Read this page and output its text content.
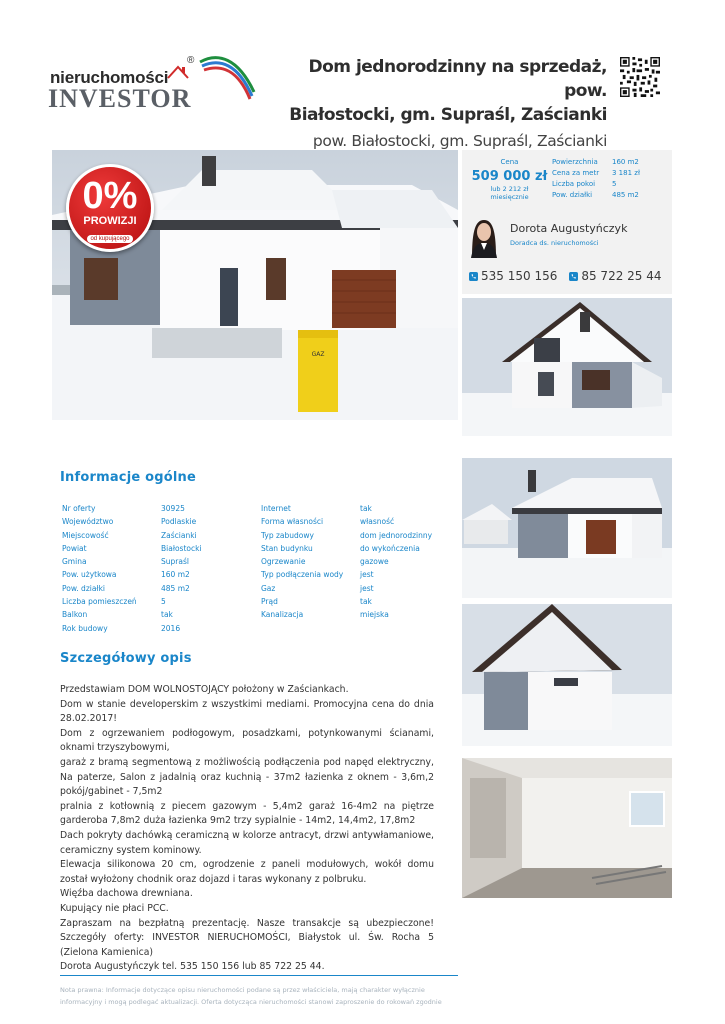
®
nieruchomości
INVESTOR
Dom jednorodzinny na sprzedaż, pow.
Białostocki, gm. Supraśl, Zaścianki
pow. Białostocki, gm. Supraśl, Zaścianki
GAZ
0%
PROWIZJI
od kupującego
Cena
509 000 zł
lub 2 212 zł
miesięcznie
Powierzchnia	160 m2
Cena za metr	3 181 zł
Liczba pokoi	5
Pow. działki	485 m2
Dorota Augustyńczyk
Doradca ds. nieruchomości
535 150 156 85 722 25 44
Informacje ogólne
Nr oferty	30925	Internet	tak
Województwo	Podlaskie	Forma własności	własność
Miejscowość	Zaścianki	Typ zabudowy	dom jednorodzinny
Powiat	Białostocki	Stan budynku	do wykończenia
Gmina	Supraśl	Ogrzewanie	gazowe
Pow. użytkowa	160 m2	Typ podłączenia wody	jest
Pow. działki	485 m2	Gaz	jest
Liczba pomieszczeń	5	Prąd	tak
Balkon	tak	Kanalizacja	miejska
Rok budowy	2016
Szczegółowy opis

Przedstawiam DOM WOLNOSTOJĄCY położony w Zaściankach.

Dom w stanie developerskim z wszystkimi mediami. Promocyjna cena do dnia 28.02.2017!

Dom z ogrzewaniem podłogowym, posadzkami, potynkowanymi ścianami, oknami trzyszybowymi,

garaż z bramą segmentową z możliwością podłączenia pod napęd elektryczny, Na paterze, Salon z jadalnią oraz kuchnią - 37m2 łazienka z oknem - 3,6m,2 pokój/gabinet - 7,5m2

pralnia z kotłownią z piecem gazowym - 5,4m2 garaż 16-4m2 na piętrze garderoba 7,8m2 duża łazienka 9m2 trzy sypialnie - 14m2, 14,4m2, 17,8m2

Dach pokryty dachówką ceramiczną w kolorze antracyt, drzwi antywłamaniowe, ceramiczny system kominowy.

Elewacja silikonowa 20 cm, ogrodzenie z paneli modułowych, wokół domu został wyłożony chodnik oraz dojazd i taras wykonany z polbruku.

Więźba dachowa drewniana.

Kupujący nie płaci PCC.

Zapraszam na bezpłatną prezentację. Nasze transakcje są ubezpieczone! Szczegóły oferty: INVESTOR NIERUCHOMOŚCI, Białystok ul. Św. Rocha 5 (Zielona Kamienica)

Dorota Augustyńczyk tel. 535 150 156 lub 85 722 25 44.

Nota prawna: Informacje dotyczące opisu nieruchomości podane są przez właściciela, mają charakter wyłącznie informacyjny i mogą podlegać aktualizacji. Oferta dotycząca nieruchomości stanowi zaproszenie do rokowań zgodnie
